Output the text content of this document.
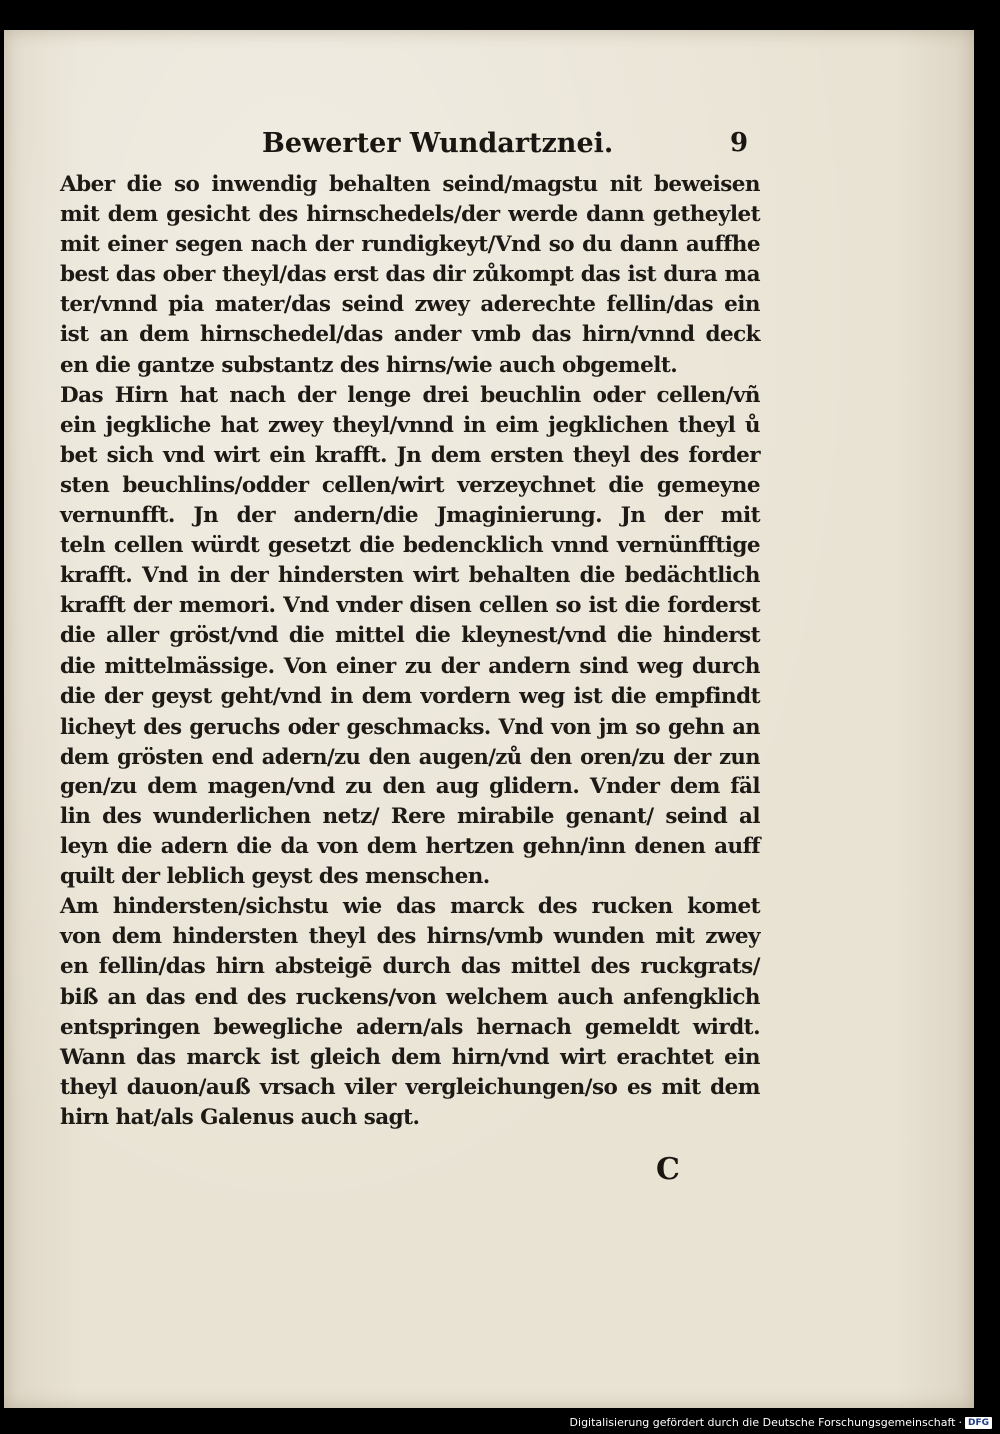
Bewerter Wundartznei.	9
Aber die so inwendig behalten seind/magstu nit beweisen
mit dem gesicht des hirnschedels/der werde dann getheylet
mit einer segen nach der rundigkeyt/Vnd so du dann auffhe
best das ober theyl/das erst das dir zůkompt das ist dura ma
ter/vnnd pia mater/das seind zwey aderechte fellin/das ein
ist an dem hirnschedel/das ander vmb das hirn/vnnd deck
en die gantze substantz des hirns/wie auch obgemelt.
Das Hirn hat nach der lenge drei beuchlin oder cellen/vñ
ein jegkliche hat zwey theyl/vnnd in eim jegklichen theyl ů
bet sich vnd wirt ein krafft. Jn dem ersten theyl des forder
sten beuchlins/odder cellen/wirt verzeychnet die gemeyne
vernunfft. Jn der andern/die Jmaginierung. Jn der mit
teln cellen würdt gesetzt die bedencklich vnnd vernünfftige
krafft. Vnd in der hindersten wirt behalten die bedächtlich
krafft der memori. Vnd vnder disen cellen so ist die forderst
die aller gröst/vnd die mittel die kleynest/vnd die hinderst
die mittelmässige. Von einer zu der andern sind weg durch
die der geyst geht/vnd in dem vordern weg ist die empfindt
licheyt des geruchs oder geschmacks. Vnd von jm so gehn an
dem grösten end adern/zu den augen/zů den oren/zu der zun
gen/zu dem magen/vnd zu den aug glidern. Vnder dem fäl
lin des wunderlichen netz/ Rere mirabile genant/ seind al
leyn die adern die da von dem hertzen gehn/inn denen auff
quilt der leblich geyst des menschen.
Am hindersten/sichstu wie das marck des rucken komet
von dem hindersten theyl des hirns/vmb wunden mit zwey
en fellin/das hirn absteigē durch das mittel des ruckgrats/
biß an das end des ruckens/von welchem auch anfengklich
entspringen bewegliche adern/als hernach gemeldt wirdt.
Wann das marck ist gleich dem hirn/vnd wirt erachtet ein
theyl dauon/auß vrsach viler vergleichungen/so es mit dem
hirn hat/als Galenus auch sagt.
C
Digitalisierung gefördert durch die Deutsche Forschungsgemeinschaft · DFG
